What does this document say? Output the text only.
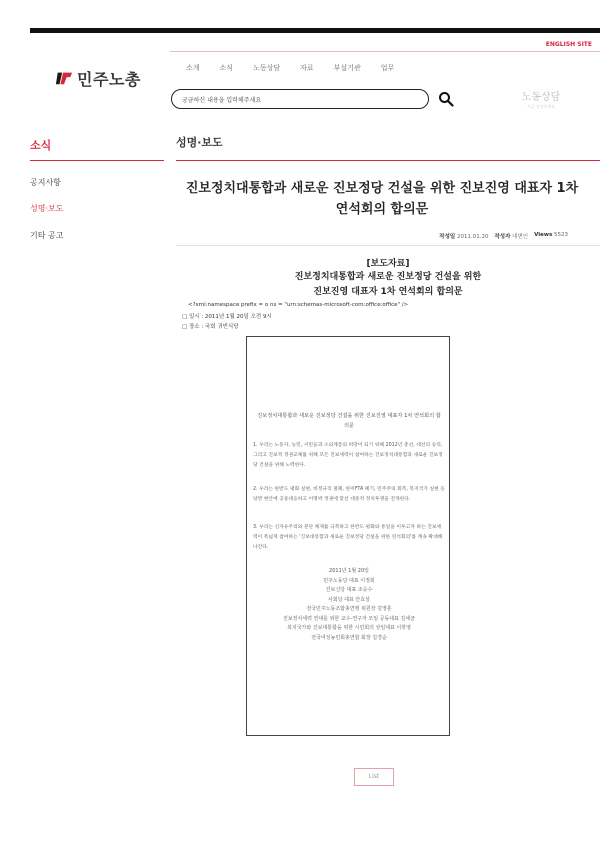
ENGLISH SITE
민주노총
소개	소식	노동상담	자료	부설기관	업무
궁금하신 내용을 입력해주세요
노동상담
지금 상담하세요
소식
공지사항
성명·보도
기타 공고
성명·보도
진보정치대통합과 새로운 진보정당 건설을 위한 진보진영 대표자 1차 연석회의 합의문
작성일 2011.01.20 작성자 대변인 Views 5523
[보도자료]
진보정치대통합과 새로운 진보정당 건설을 위한
진보진영 대표자 1차 연석회의 합의문
<?xml:namespace prefix = o ns = "urn:schemas-microsoft-com:office:office" />
□ 일시 : 2011년 1월 20일 오전 9시
□ 장소 : 국회 귀빈식당
진보정치대통합과 새로운 진보정당 건설을 위한 진보진영 대표자 1차 연석회의 합의문
1. 우리는 노동자, 농민, 서민들과 소외계층의 희망이 되기 위해 2012년 총선, 대선의 승리, 그리고 진보적 정권교체를 위해 모든 진보세력이 참여하는 진보정치대통합과 새로운 진보정당 건설을 위해 노력한다.
2. 우리는 한반도 평화 실현, 비정규직 철폐, 한미FTA 폐기, 민주주의 회복, 복지국가 실현 등 당면 현안에 공동대응하고 이명박 정권에 맞선 대중적 정치투쟁을 전개한다.
3. 우리는 신자유주의와 분단 체제를 극복하고 한반도 평화와 통일을 이루고자 하는 진보세력이 폭넓게 참여하는 '진보대통합과 새로운 진보정당 건설을 위한 연석회의'를 계속 확대해 나간다.
2011년 1월 20일
민주노동당 대표 이정희
진보신당 대표 조승수
사회당 대표 안효상
전국민주노동조합총연맹 위원장 김영훈
진보정치세력 연대를 위한 교수-연구자 모임 공동대표 김세균
복지국가와 진보대통합을 위한 시민회의 상임대표 이학영
전국여성농민회총연합 회장 김경순
List
